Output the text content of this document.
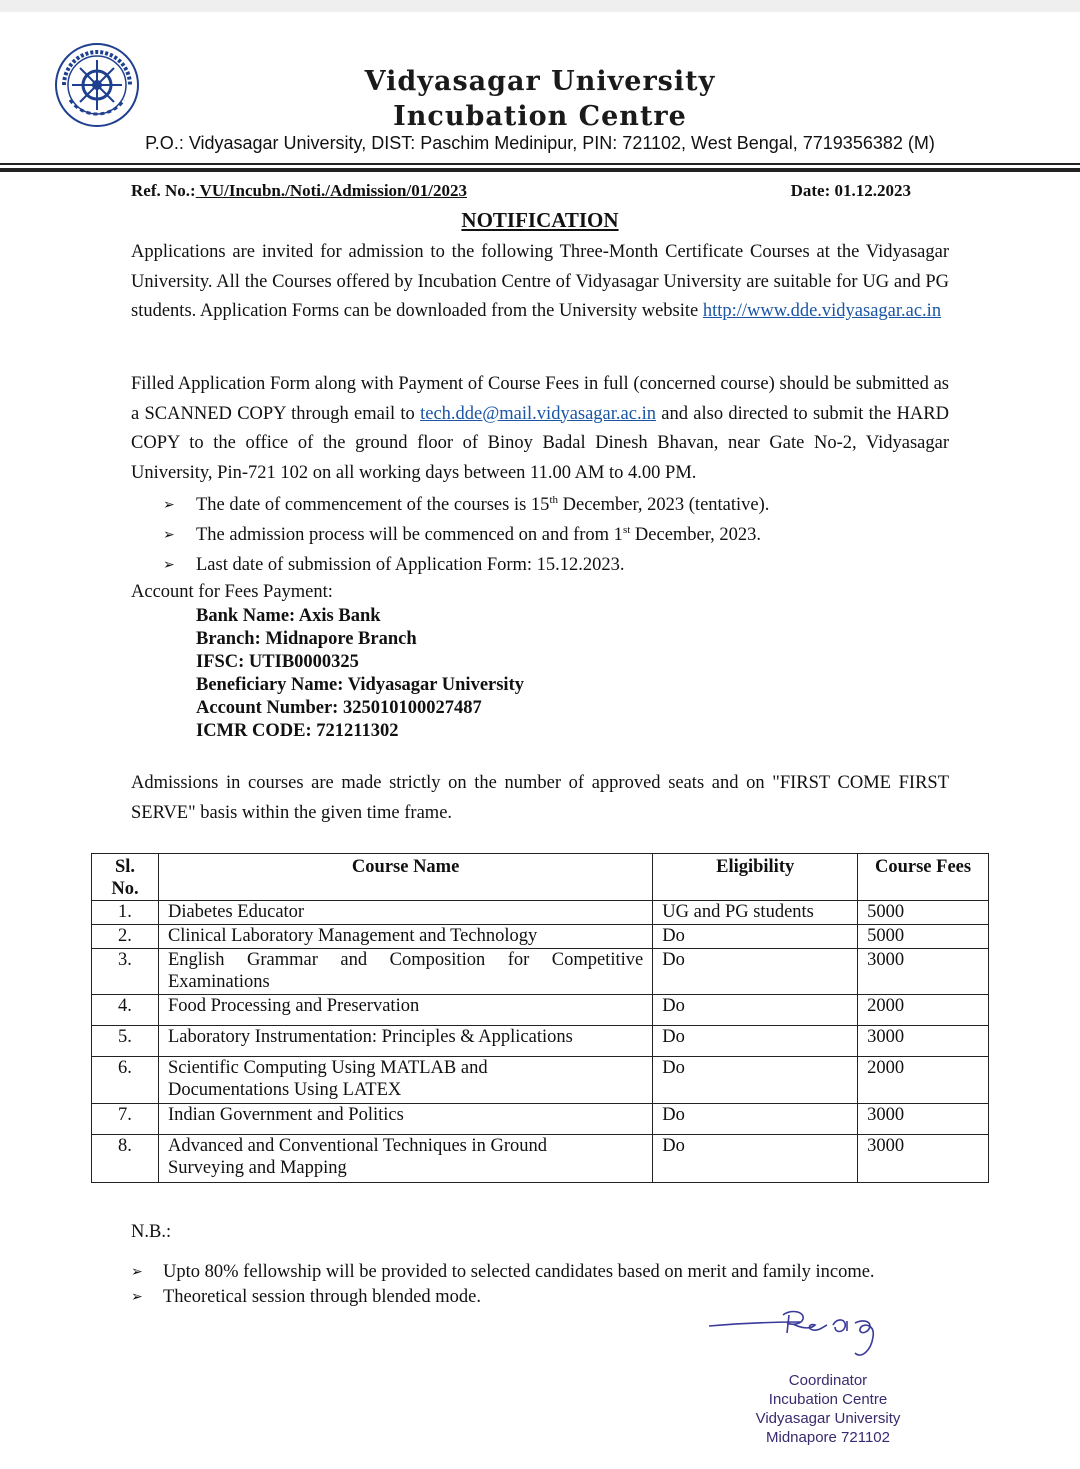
Vidyasagar University
Incubation Centre
P.O.: Vidyasagar University, DIST: Paschim Medinipur, PIN: 721102, West Bengal, 7719356382 (M)
Ref. No.: VU/Incubn./Noti./Admission/01/2023	Date: 01.12.2023
NOTIFICATION

Applications are invited for admission to the following Three-Month Certificate Courses at the Vidyasagar University. All the Courses offered by Incubation Centre of Vidyasagar University are suitable for UG and PG students. Application Forms can be downloaded from the University website http://www.dde.vidyasagar.ac.in

Filled Application Form along with Payment of Course Fees in full (concerned course) should be submitted as a SCANNED COPY through email to tech.dde@mail.vidyasagar.ac.in and also directed to submit the HARD COPY to the office of the ground floor of Binoy Badal Dinesh Bhavan, near Gate No-2, Vidyasagar University, Pin-721 102 on all working days between 11.00 AM to 4.00 PM.

➢ The date of commencement of the courses is 15th December, 2023 (tentative).
➢ The admission process will be commenced on and from 1st December, 2023.
➢ Last date of submission of Application Form: 15.12.2023.
Account for Fees Payment:
Bank Name: Axis Bank
Branch: Midnapore Branch
IFSC: UTIB0000325
Beneficiary Name: Vidyasagar University
Account Number: 325010100027487
ICMR CODE: 721211302

Admissions in courses are made strictly on the number of approved seats and on "FIRST COME FIRST SERVE" basis within the given time frame.

Sl. No.	Course Name	Eligibility	Course Fees
1.	Diabetes Educator	UG and PG students	5000
2.	Clinical Laboratory Management and Technology	Do	5000
3.	English Grammar and Composition for Competitive Examinations	Do	3000
4.	Food Processing and Preservation	Do	2000
5.	Laboratory Instrumentation: Principles & Applications	Do	3000
6.	Scientific Computing Using MATLAB and
Documentations Using LATEX	Do	2000
7.	Indian Government and Politics	Do	3000
8.	Advanced and Conventional Techniques in Ground
Surveying and Mapping	Do	3000
N.B.:
➢ Upto 80% fellowship will be provided to selected candidates based on merit and family income.
➢ Theoretical session through blended mode.
Coordinator
Incubation Centre
Vidyasagar University
Midnapore 721102
